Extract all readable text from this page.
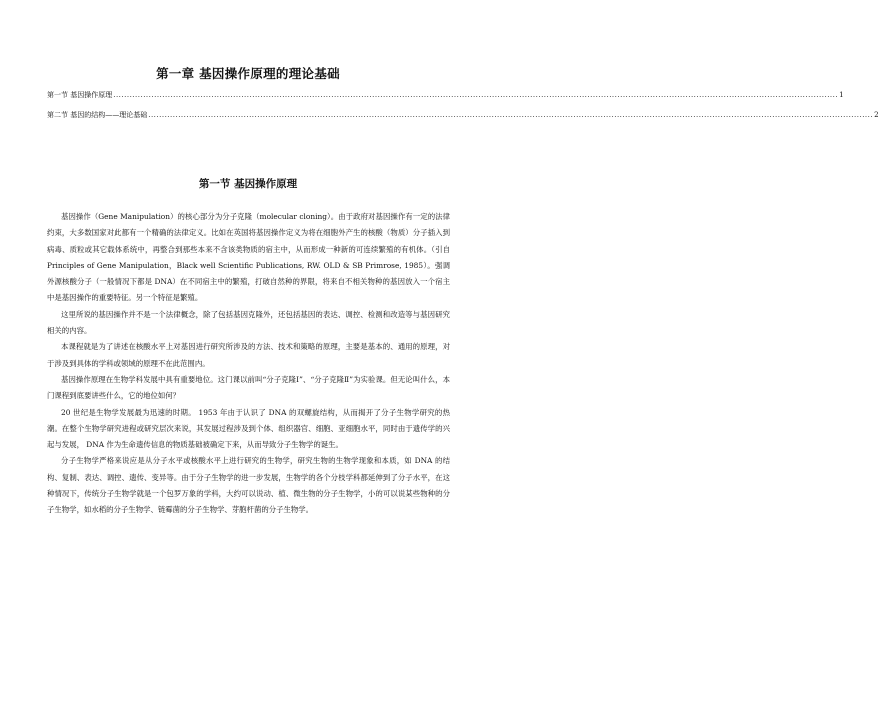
第一章 基因操作原理的理论基础
第一节 基因操作原理 .......................................................................................................................................................................................................................................................................... 1
第二节 基因的结构——理论基础 .......................................................................................................................................................................................................................................................................... 2
第一节 基因操作原理

基因操作（Gene Manipulation）的核心部分为分子克隆（molecular cloning）。由于政府对基因操作有一定的法律约束，大多数国家对此都有一个精确的法律定义。比如在英国将基因操作定义为将在细胞外产生的核酸（物质）分子插入到病毒、质粒或其它载体系统中，再整合到那些本来不含该类物质的宿主中，从而形成一种新的可连续繁殖的有机体。（引自 Principles of Gene Manipulation，Black well Scientific Publications, RW. OLD & SB Primrose, 1985）。强调外源核酸分子（一般情况下都是 DNA）在不同宿主中的繁殖，打破自然种的界限，将来自不相关物种的基因放入一个宿主中是基因操作的重要特征。另一个特征是繁殖。

这里所说的基因操作并不是一个法律概念，除了包括基因克隆外，还包括基因的表达、调控、检测和改造等与基因研究相关的内容。

本课程就是为了讲述在核酸水平上对基因进行研究所涉及的方法、技术和策略的原理，主要是基本的、通用的原理，对于涉及到具体的学科或领域的原理不在此范围内。

基因操作原理在生物学科发展中具有重要地位。这门课以前叫“分子克隆Ⅰ”、“分子克隆Ⅱ”为实验课。但无论叫什么，本门课程到底要讲些什么，它的地位如何？

20 世纪是生物学发展最为迅速的时期。 1953 年由于认识了 DNA 的双螺旋结构，从而揭开了分子生物学研究的热潮。在整个生物学研究进程或研究层次来说，其发展过程涉及到个体、组织器官、细胞、亚细胞水平，同时由于遗传学的兴起与发展， DNA 作为生命遗传信息的物质基础被确定下来，从而导致分子生物学的诞生。

分子生物学严格来说应是从分子水平或核酸水平上进行研究的生物学，研究生物的生物学现象和本质，如 DNA 的结构、复制、表达、调控、遗传、变异等。由于分子生物学的进一步发展，生物学的各个分枝学科都延伸到了分子水平，在这种情况下，传统分子生物学就是一个包罗万象的学科，大约可以说动、植、微生物的分子生物学，小的可以说某些物种的分子生物学，如水稻的分子生物学、链霉菌的分子生物学、芽胞杆菌的分子生物学。
